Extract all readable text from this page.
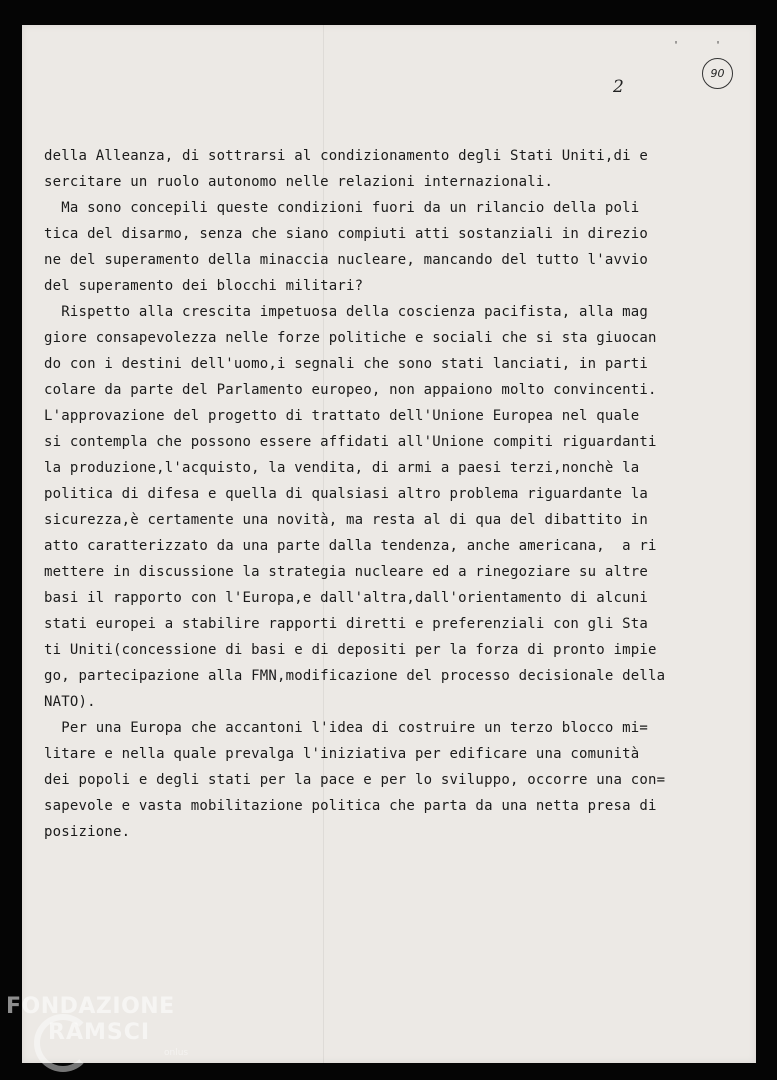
''
2
90
della Alleanza, di sottrarsi al condizionamento degli Stati Uniti,di e
sercitare un ruolo autonomo nelle relazioni internazionali.
Ma sono concepili queste condizioni fuori da un rilancio della poli
tica del disarmo, senza che siano compiuti atti sostanziali in direzio
ne del superamento della minaccia nucleare, mancando del tutto l'avvio
del superamento dei blocchi militari?
Rispetto alla crescita impetuosa della coscienza pacifista, alla mag
giore consapevolezza nelle forze politiche e sociali che si sta giuocan
do con i destini dell'uomo,i segnali che sono stati lanciati, in parti
colare da parte del Parlamento europeo, non appaiono molto convincenti.
L'approvazione del progetto di trattato dell'Unione Europea nel quale
si contempla che possono essere affidati all'Unione compiti riguardanti
la produzione,l'acquisto, la vendita, di armi a paesi terzi,nonchè la
politica di difesa e quella di qualsiasi altro problema riguardante la
sicurezza,è certamente una novità, ma resta al di qua del dibattito in
atto caratterizzato da una parte dalla tendenza, anche americana,  a ri
mettere in discussione la strategia nucleare ed a rinegoziare su altre
basi il rapporto con l'Europa,e dall'altra,dall'orientamento di alcuni
stati europei a stabilire rapporti diretti e preferenziali con gli Sta
ti Uniti(concessione di basi e di depositi per la forza di pronto impie
go, partecipazione alla FMN,modificazione del processo decisionale della
NATO).
Per una Europa che accantoni l'idea di costruire un terzo blocco mi=
litare e nella quale prevalga l'iniziativa per edificare una comunità
dei popoli e degli stati per la pace e per lo sviluppo, occorre una con=
sapevole e vasta mobilitazione politica che parta da una netta presa di
posizione.
FONDAZIONE
RAMSCI
onlus
